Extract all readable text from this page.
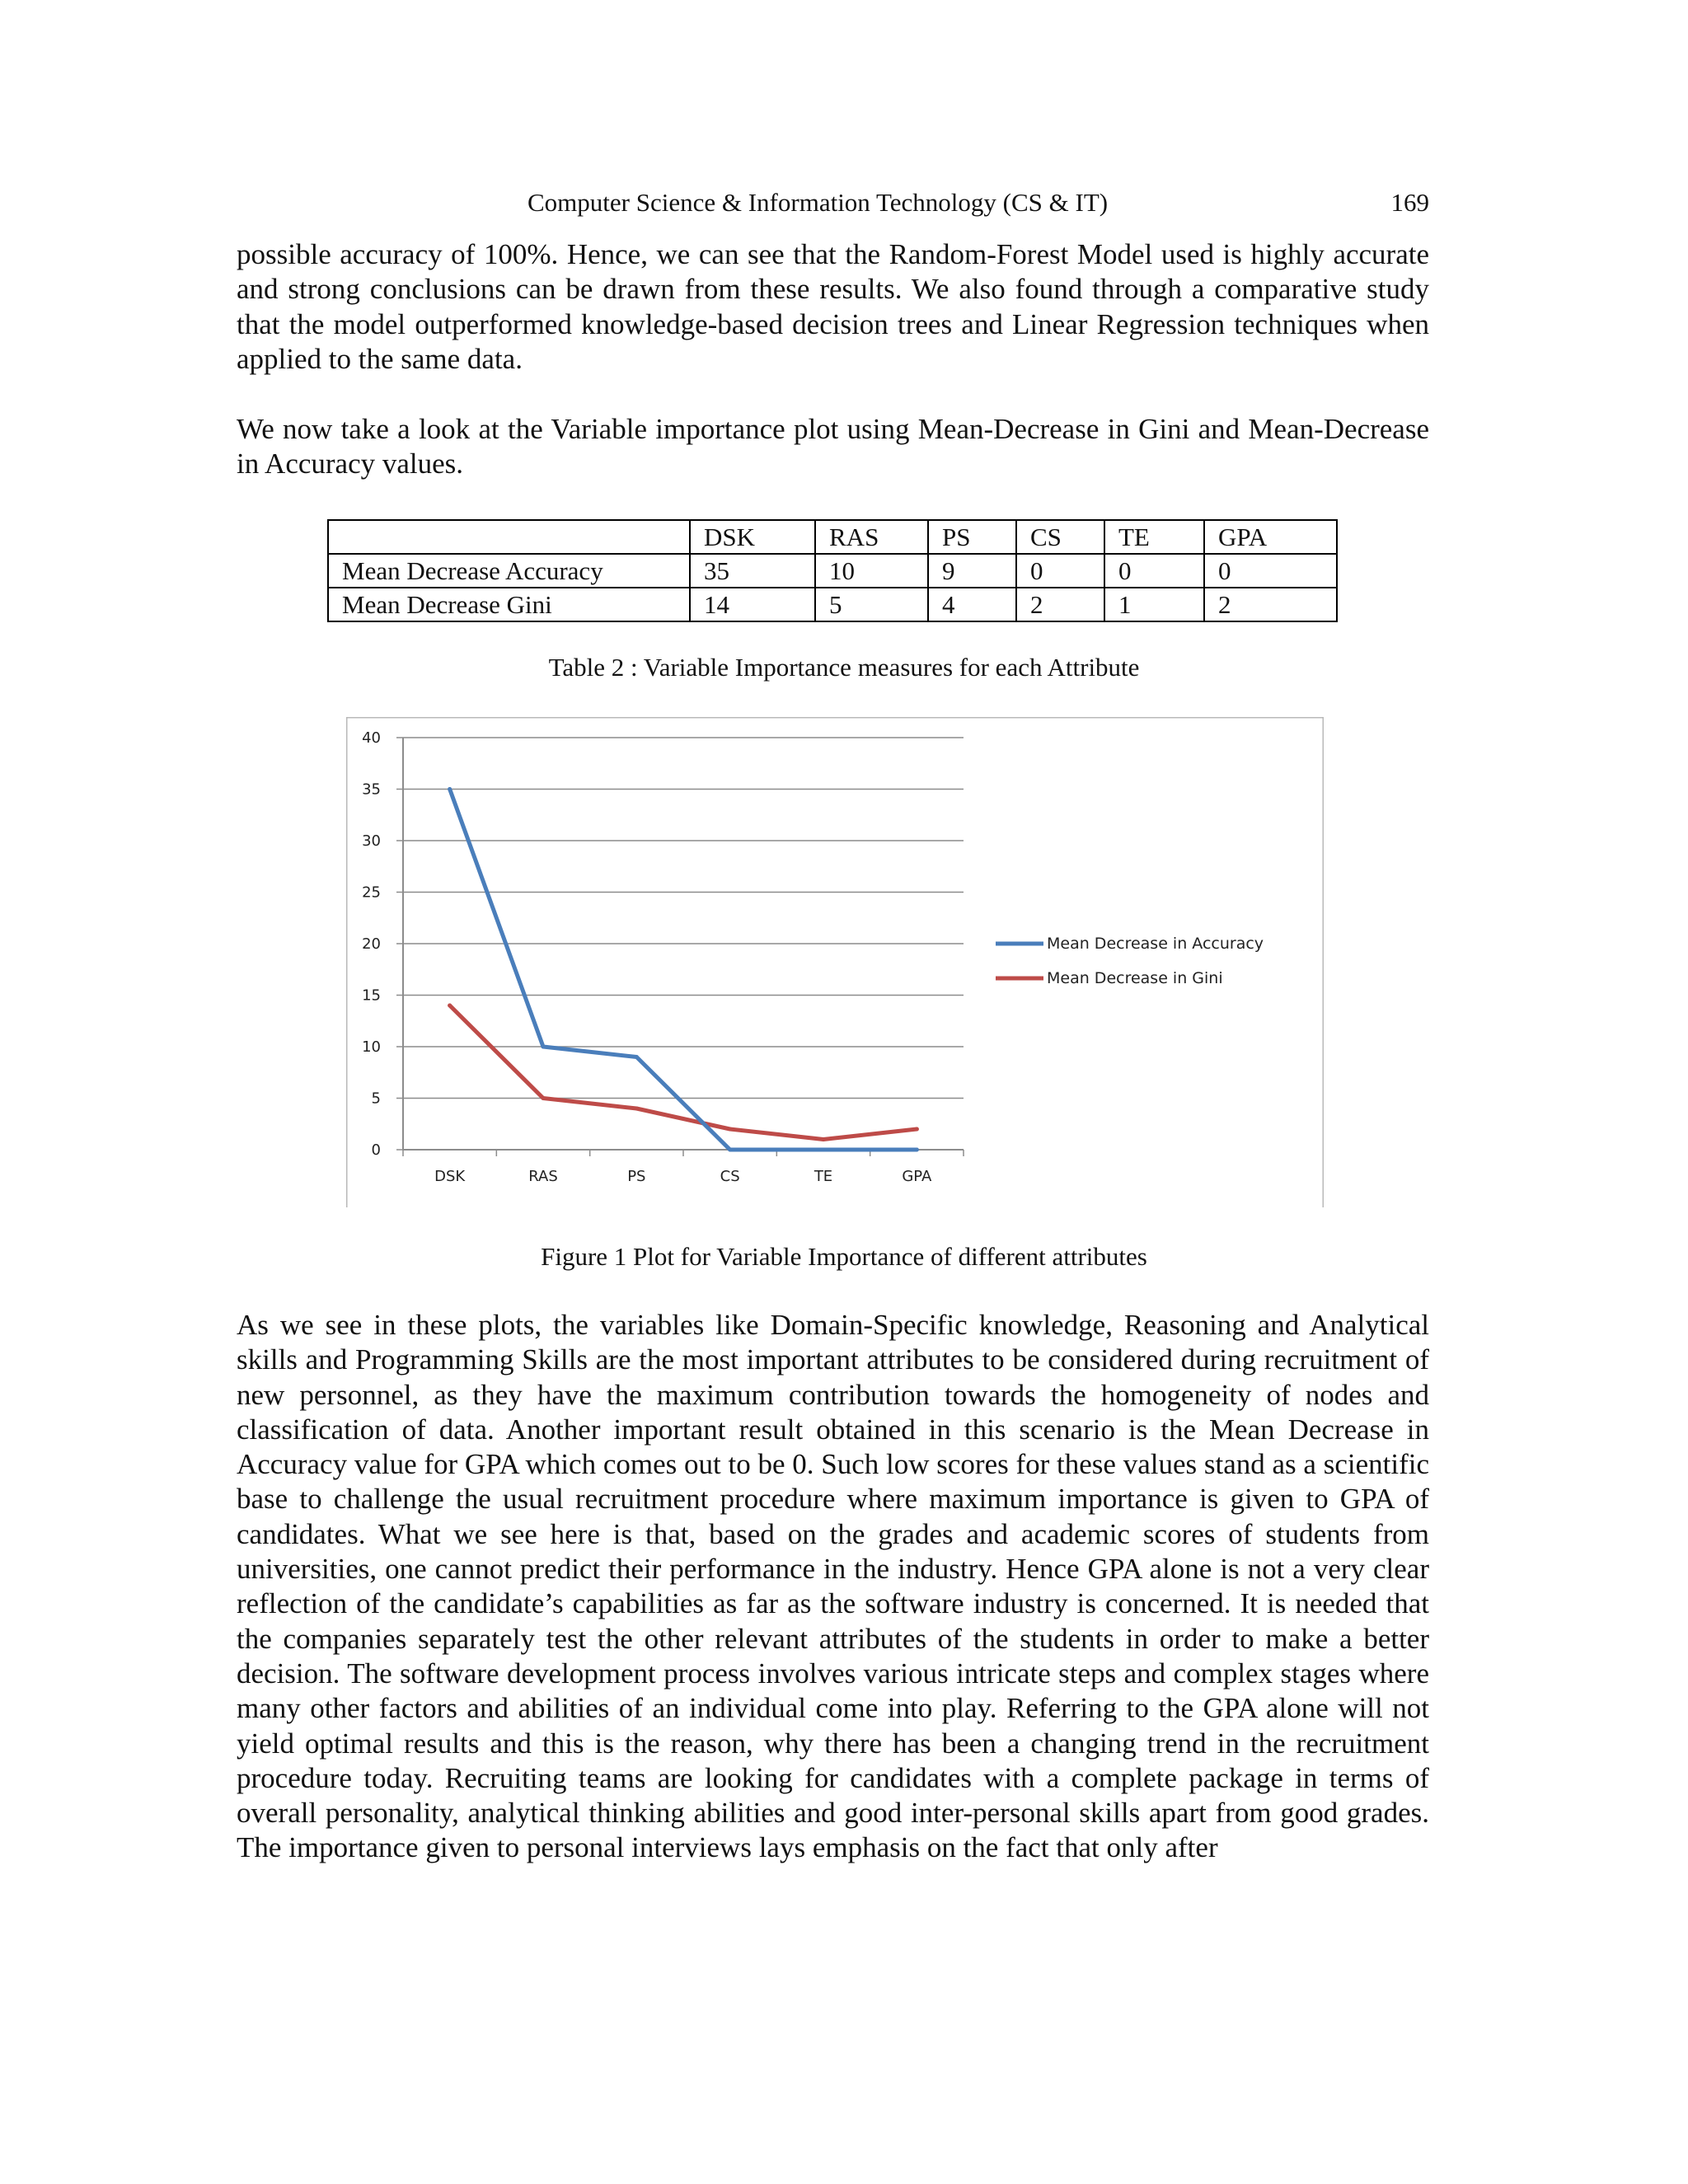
Computer Science & Information Technology (CS & IT)	169

possible accuracy of 100%. Hence, we can see that the Random-Forest Model used is highly accurate and strong conclusions can be drawn from these results. We also found through a comparative study that the model outperformed knowledge-based decision trees and Linear Regression techniques when applied to the same data.

We now take a look at the Variable importance plot using Mean-Decrease in Gini and Mean-Decrease in Accuracy values.

	DSK	RAS	PS	CS	TE	GPA
Mean Decrease Accuracy	35	10	9	0	0	0
Mean Decrease Gini	14	5	4	2	1	2
Table 2 : Variable Importance measures for each Attribute
0
5
10
15
20
25
30
35
40
DSK	RAS	PS	CS	TE	GPA
Mean Decrease in Accuracy
Mean Decrease in Gini
Figure 1 Plot for Variable Importance of different attributes

As we see in these plots, the variables like Domain-Specific knowledge, Reasoning and Analytical skills and Programming Skills are the most important attributes to be considered during recruitment of new personnel, as they have the maximum contribution towards the homogeneity of nodes and classification of data. Another important result obtained in this scenario is the Mean Decrease in Accuracy value for GPA which comes out to be 0. Such low scores for these values stand as a scientific base to challenge the usual recruitment procedure where maximum importance is given to GPA of candidates. What we see here is that, based on the grades and academic scores of students from universities, one cannot predict their performance in the industry. Hence GPA alone is not a very clear reflection of the candidate’s capabilities as far as the software industry is concerned. It is needed that the companies separately test the other relevant attributes of the students in order to make a better decision. The software development process involves various intricate steps and complex stages where many other factors and abilities of an individual come into play. Referring to the GPA alone will not yield optimal results and this is the reason, why there has been a changing trend in the recruitment procedure today. Recruiting teams are looking for candidates with a complete package in terms of overall personality, analytical thinking abilities and good inter-personal skills apart from good grades. The importance given to personal interviews lays emphasis on the fact that only after
